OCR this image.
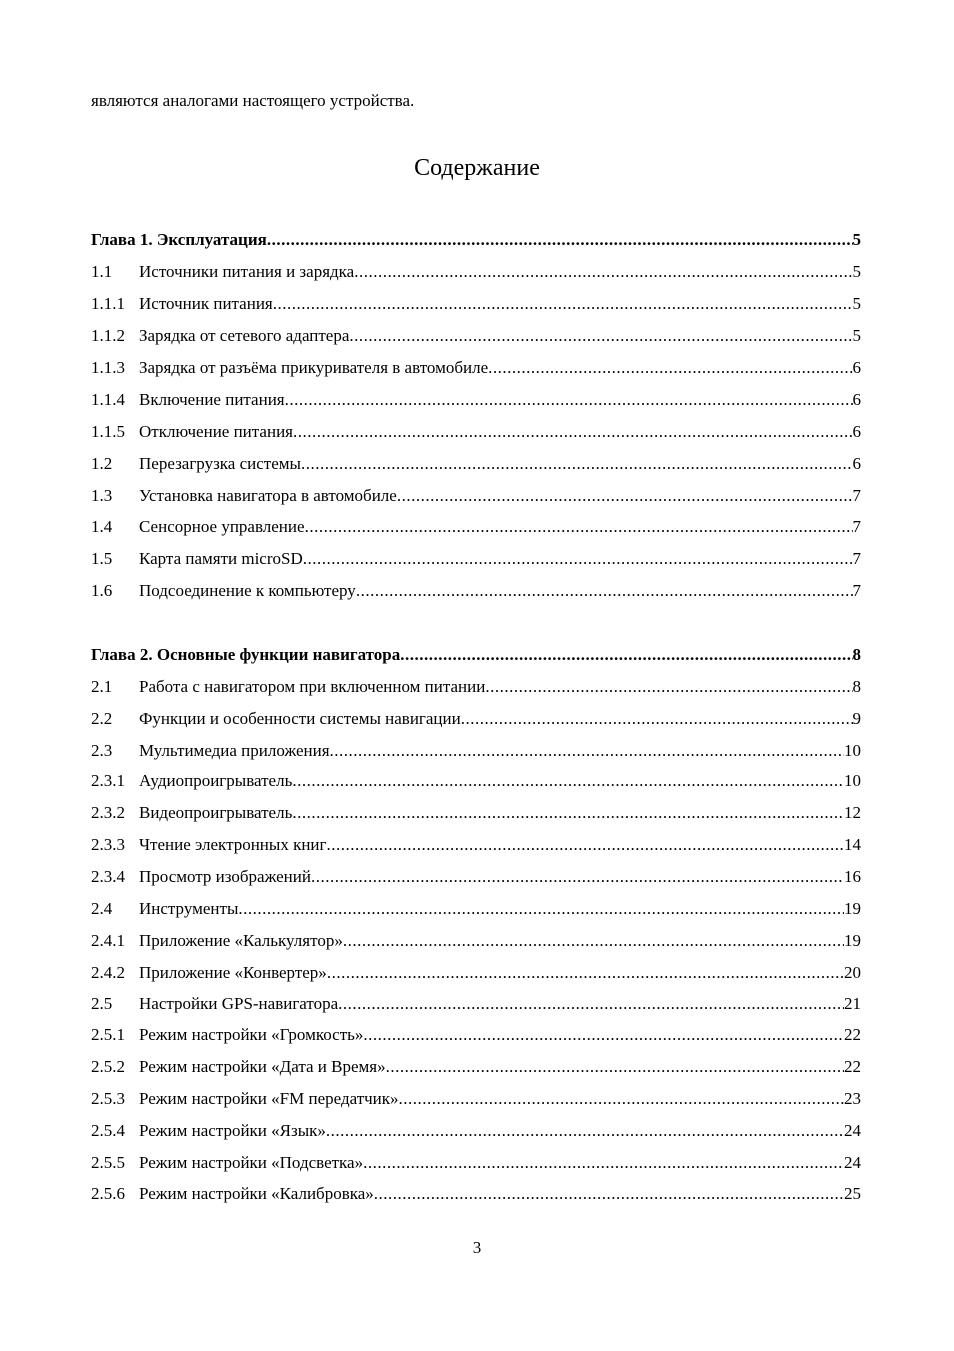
являются аналогами настоящего устройства.
Содержание
Глава 1. Эксплуатация .....	5
1.1	Источники питания и зарядка .....	5
1.1.1 Источник питания .....	5
1.1.2 Зарядка от сетевого адаптера .....	5
1.1.3 Зарядка от разъёма прикуривателя в автомобиле .....	6
1.1.4 Включение питания .....	6
1.1.5 Отключение питания .....	6
1.2	Перезагрузка системы .....	6
1.3	Установка навигатора в автомобиле .....	7
1.4	Сенсорное управление .....	7
1.5	Карта памяти microSD .....	7
1.6	Подсоединение к компьютеру .....	7
Глава 2. Основные функции навигатора .....	8
2.1	Работа с навигатором при включенном питании .....	8
2.2	Функции и особенности системы навигации .....	9
2.3	Мультимедиа приложения .....	10
2.3.1 Аудиопроигрыватель .....	10
2.3.2 Видеопроигрыватель .....	12
2.3.3 Чтение электронных книг .....	14
2.3.4 Просмотр изображений .....	16
2.4	Инструменты .....	19
2.4.1 Приложение «Калькулятор» .....	19
2.4.2 Приложение «Конвертер» .....	20
2.5	Настройки GPS-навигатора .....	21
2.5.1 Режим настройки «Громкость» .....	22
2.5.2 Режим настройки «Дата и Время» .....	22
2.5.3 Режим настройки «FM передатчик» .....	23
2.5.4 Режим настройки «Язык» .....	24
2.5.5 Режим настройки «Подсветка» .....	24
2.5.6 Режим настройки «Калибровка» .....	25
3
